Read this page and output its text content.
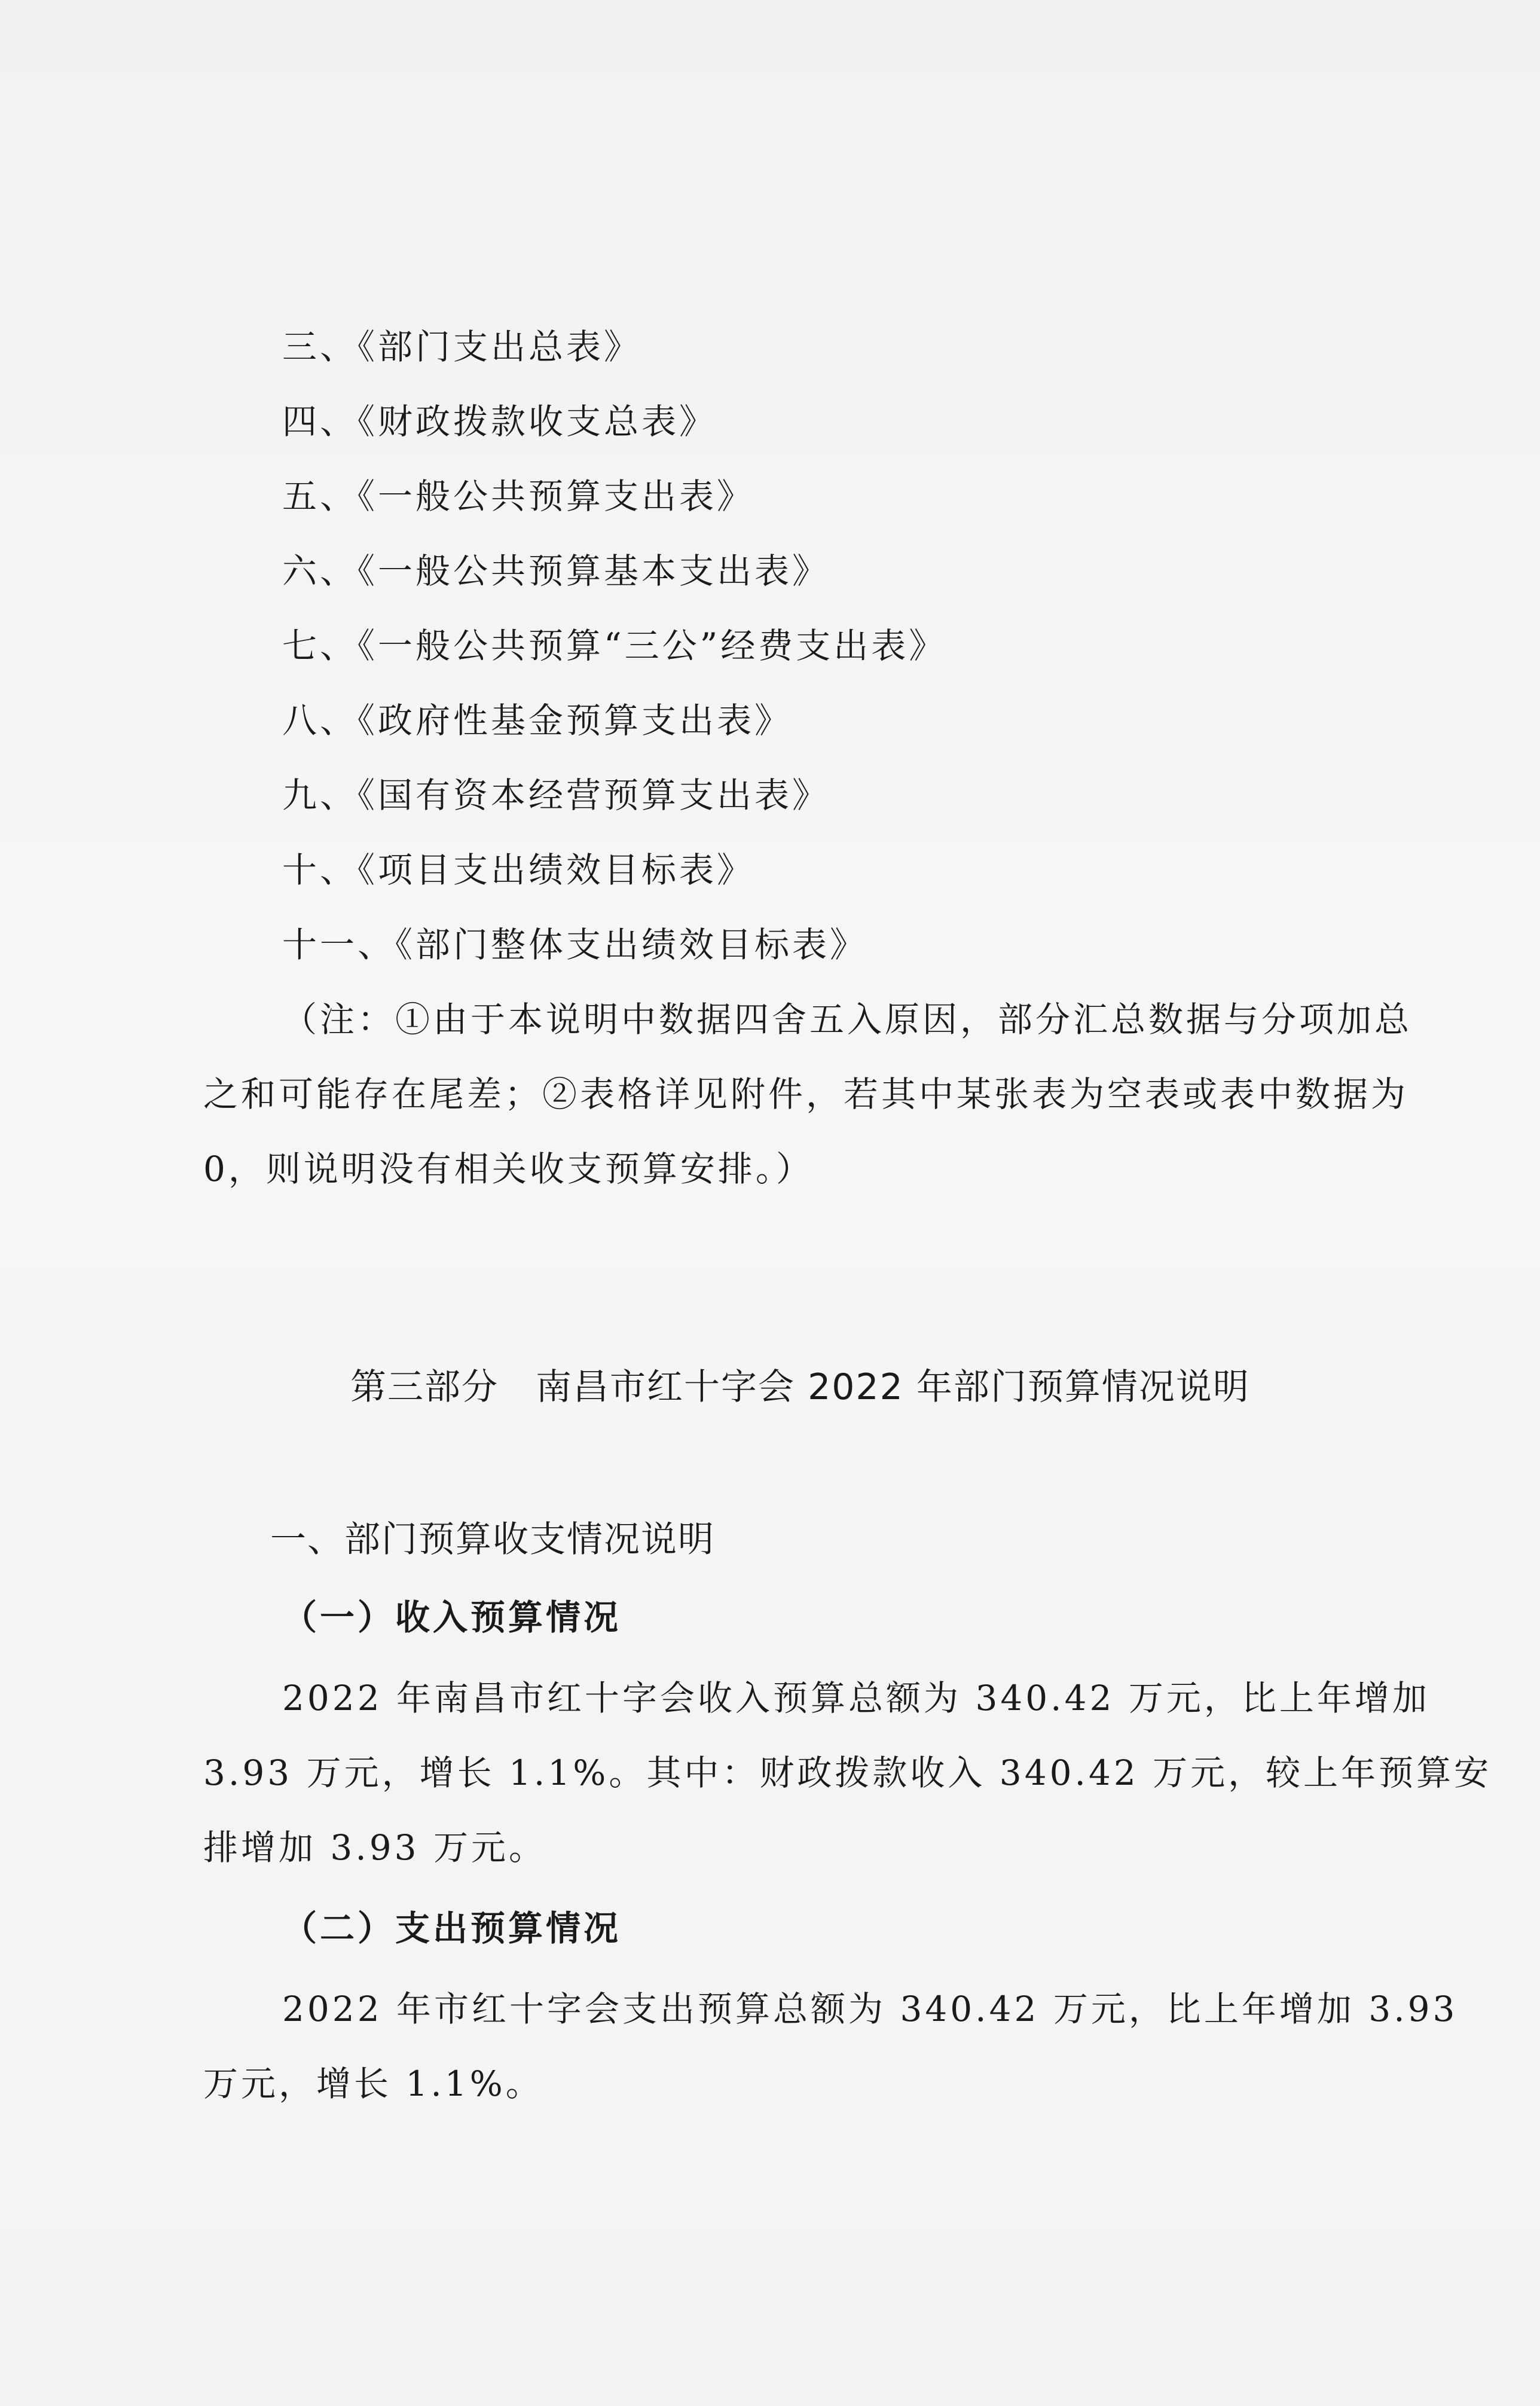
三、《部门支出总表》
四、《财政拨款收支总表》
五、《一般公共预算支出表》
六、《一般公共预算基本支出表》
七、《一般公共预算“三公”经费支出表》
八、《政府性基金预算支出表》
九、《国有资本经营预算支出表》
十、《项目支出绩效目标表》
十一、《部门整体支出绩效目标表》
（注：①由于本说明中数据四舍五入原因，部分汇总数据与分项加总
之和可能存在尾差；②表格详见附件，若其中某张表为空表或表中数据为
0，则说明没有相关收支预算安排。）
第三部分　南昌市红十字会 2022 年部门预算情况说明
一、部门预算收支情况说明
（一）收入预算情况
2022 年南昌市红十字会收入预算总额为 340.42 万元，比上年增加
3.93 万元，增长 1.1%。其中：财政拨款收入 340.42 万元，较上年预算安
排增加 3.93 万元。
（二）支出预算情况
2022 年市红十字会支出预算总额为 340.42 万元，比上年增加 3.93
万元，增长 1.1%。
